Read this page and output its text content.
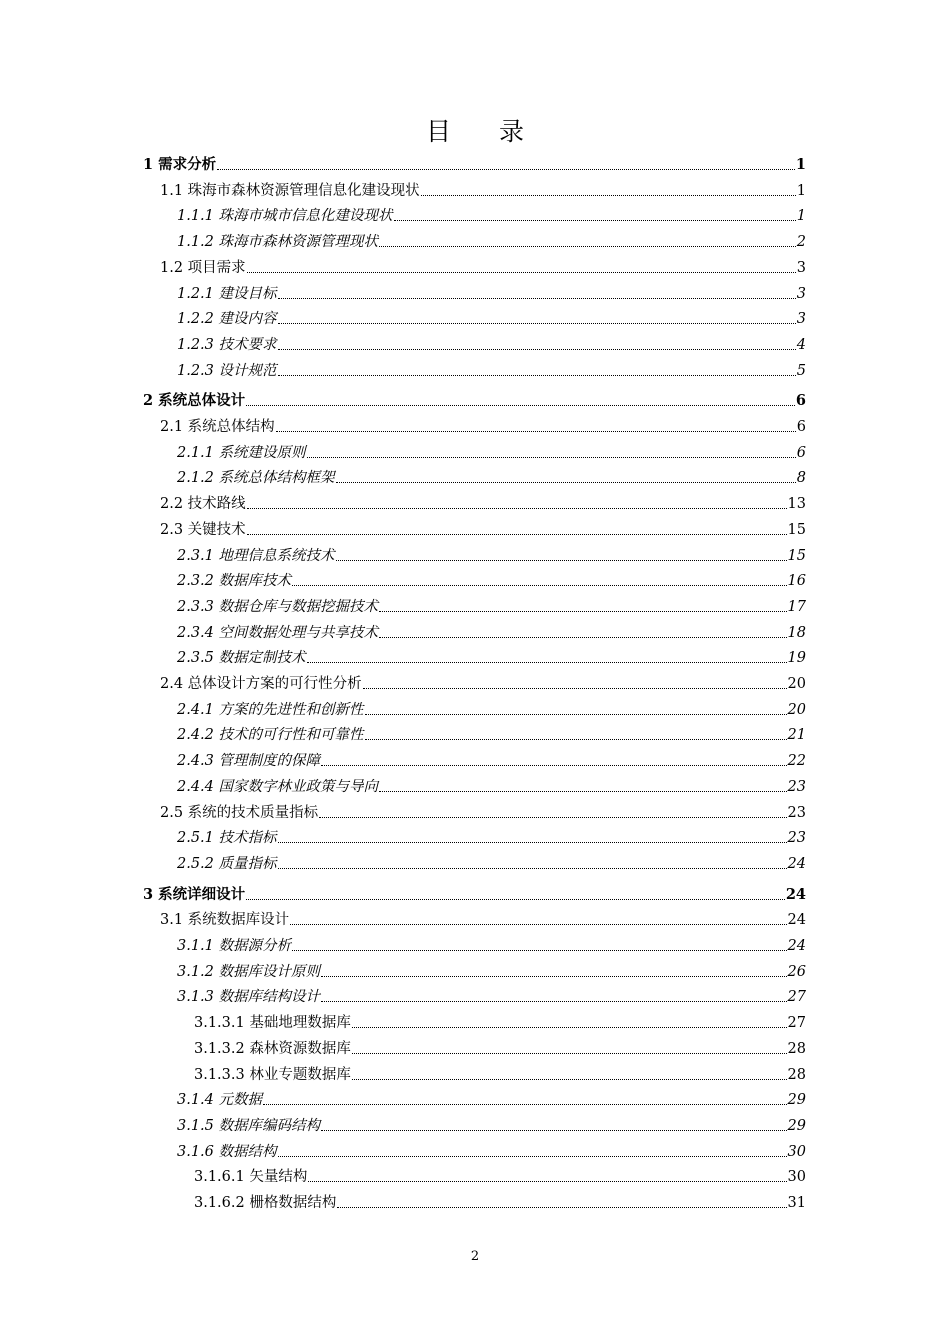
目录
1 需求分析	1
1.1 珠海市森林资源管理信息化建设现状	1
1.1.1 珠海市城市信息化建设现状	1
1.1.2 珠海市森林资源管理现状	2
1.2 项目需求	3
1.2.1 建设目标	3
1.2.2 建设内容	3
1.2.3 技术要求	4
1.2.3 设计规范	5
2 系统总体设计	6
2.1 系统总体结构	6
2.1.1 系统建设原则	6
2.1.2 系统总体结构框架	8
2.2 技术路线	13
2.3 关键技术	15
2.3.1 地理信息系统技术	15
2.3.2 数据库技术	16
2.3.3 数据仓库与数据挖掘技术	17
2.3.4 空间数据处理与共享技术	18
2.3.5 数据定制技术	19
2.4 总体设计方案的可行性分析	20
2.4.1 方案的先进性和创新性	20
2.4.2 技术的可行性和可靠性	21
2.4.3 管理制度的保障	22
2.4.4 国家数字林业政策与导向	23
2.5 系统的技术质量指标	23
2.5.1 技术指标	23
2.5.2 质量指标	24
3 系统详细设计	24
3.1 系统数据库设计	24
3.1.1 数据源分析	24
3.1.2 数据库设计原则	26
3.1.3 数据库结构设计	27
3.1.3.1 基础地理数据库	27
3.1.3.2 森林资源数据库	28
3.1.3.3 林业专题数据库	28
3.1.4 元数据	29
3.1.5 数据库编码结构	29
3.1.6 数据结构	30
3.1.6.1 矢量结构	30
3.1.6.2 栅格数据结构	31
2
